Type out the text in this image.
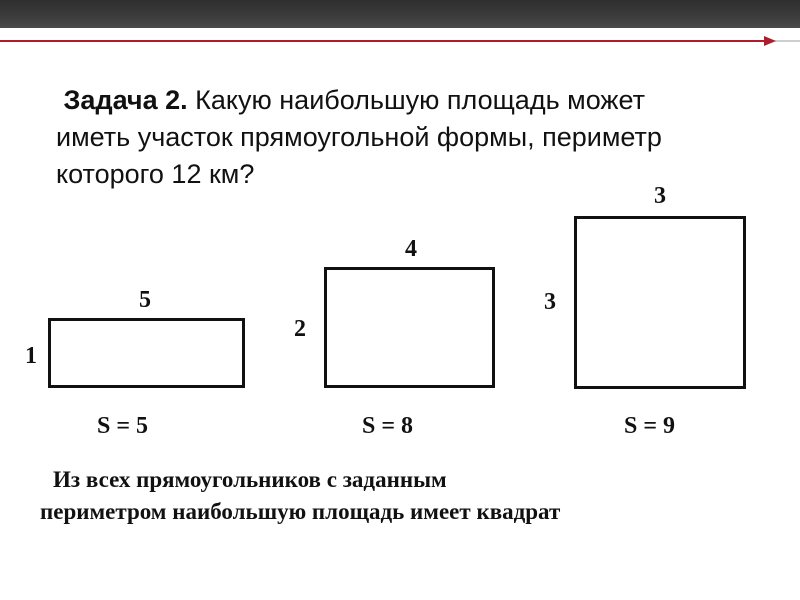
Задача 2. Какую наибольшую площадь может
иметь участок прямоугольной формы, периметр
которого 12 км?
5
1
S = 5
4
2
S = 8
3
3
S = 9
Из всех прямоугольников с заданным
периметром наибольшую площадь имеет квадрат
